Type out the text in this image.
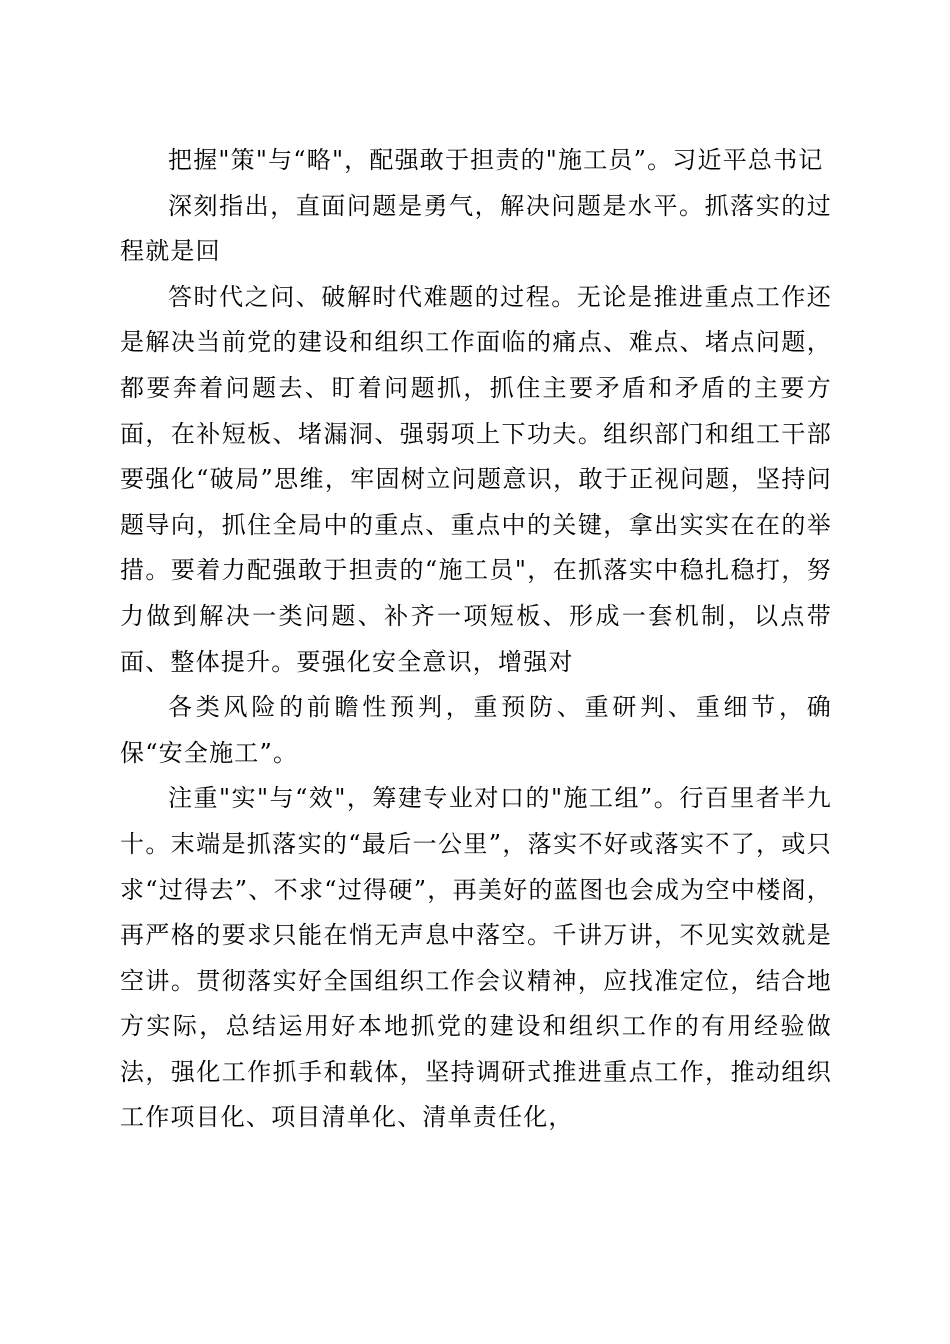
把握"策"与“略"，配强敢于担责的"施工员”。习近平总书记

深刻指出，直面问题是勇气，解决问题是水平。抓落实的过程就是回

答时代之问、破解时代难题的过程。无论是推进重点工作还是解决当前党的建设和组织工作面临的痛点、难点、堵点问题，都要奔着问题去、盯着问题抓，抓住主要矛盾和矛盾的主要方面，在补短板、堵漏洞、强弱项上下功夫。组织部门和组工干部要强化“破局”思维，牢固树立问题意识，敢于正视问题，坚持问题导向，抓住全局中的重点、重点中的关键，拿出实实在在的举措。要着力配强敢于担责的“施工员"，在抓落实中稳扎稳打，努力做到解决一类问题、补齐一项短板、形成一套机制，以点带面、整体提升。要强化安全意识，增强对

各类风险的前瞻性预判，重预防、重研判、重细节，确保“安全施工”。

注重"实"与“效"，筹建专业对口的"施工组”。行百里者半九十。末端是抓落实的“最后一公里”，落实不好或落实不了，或只求“过得去”、不求“过得硬”，再美好的蓝图也会成为空中楼阁，再严格的要求只能在悄无声息中落空。千讲万讲，不见实效就是空讲。贯彻落实好全国组织工作会议精神，应找准定位，结合地方实际，总结运用好本地抓党的建设和组织工作的有用经验做法，强化工作抓手和载体，坚持调研式推进重点工作，推动组织工作项目化、项目清单化、清单责任化，
